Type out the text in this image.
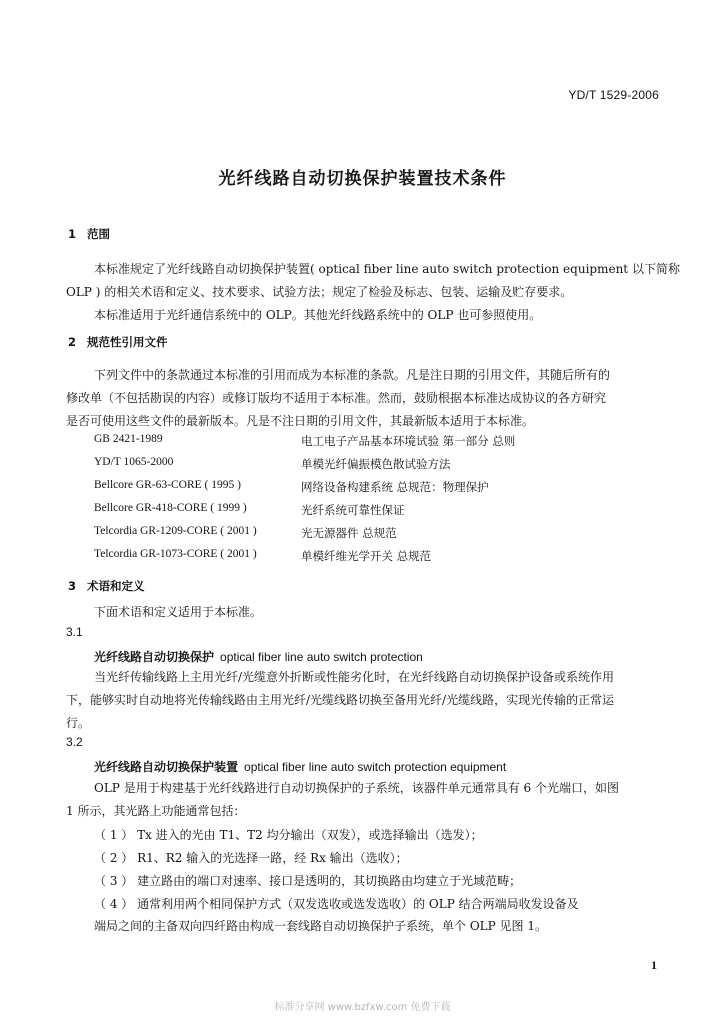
YD/T 1529-2006
光纤线路自动切换保护装置技术条件
1 范围
本标准规定了光纤线路自动切换保护装置( optical fiber line auto switch protection equipment 以下简称
OLP ) 的相关术语和定义、技术要求、试验方法；规定了检验及标志、包装、运输及贮存要求。
本标准适用于光纤通信系统中的 OLP。其他光纤线路系统中的 OLP 也可参照使用。
2 规范性引用文件
下列文件中的条款通过本标准的引用而成为本标准的条款。凡是注日期的引用文件，其随后所有的
修改单（不包括勘误的内容）或修订版均不适用于本标准。然而，鼓励根据本标准达成协议的各方研究
是否可使用这些文件的最新版本。凡是不注日期的引用文件，其最新版本适用于本标准。
GB 2421-1989	电工电子产品基本环境试验 第一部分 总则
YD/T 1065-2000	单模光纤偏振模色散试验方法
Bellcore GR-63-CORE ( 1995 )	网络设备构建系统 总规范：物理保护
Bellcore GR-418-CORE ( 1999 )	光纤系统可靠性保证
Telcordia GR-1209-CORE ( 2001 )	光无源器件 总规范
Telcordia GR-1073-CORE ( 2001 )	单模纤维光学开关 总规范
3 术语和定义
下面术语和定义适用于本标准。
3.1
光纤线路自动切换保护 optical fiber line auto switch protection
当光纤传输线路上主用光纤/光缆意外折断或性能劣化时，在光纤线路自动切换保护设备或系统作用
下，能够实时自动地将光传输线路由主用光纤/光缆线路切换至备用光纤/光缆线路，实现光传输的正常运
行。
3.2
光纤线路自动切换保护装置 optical fiber line auto switch protection equipment
OLP 是用于构建基于光纤线路进行自动切换保护的子系统，该器件单元通常具有 6 个光端口，如图
1 所示，其光路上功能通常包括：
（ 1 ） Tx 进入的光由 T1、T2 均分输出（双发），或选择输出（选发）；
（ 2 ） R1、R2 输入的光选择一路，经 Rx 输出（选收）；
（ 3 ） 建立路由的端口对速率、接口是透明的，其切换路由均建立于光域范畴；
（ 4 ） 通常利用两个相同保护方式（双发选收或选发选收）的 OLP 结合两端局收发设备及
端局之间的主备双向四纤路由构成一套线路自动切换保护子系统，单个 OLP 见图 1。
1
标准分享网 www.bzfxw.com 免费下载
